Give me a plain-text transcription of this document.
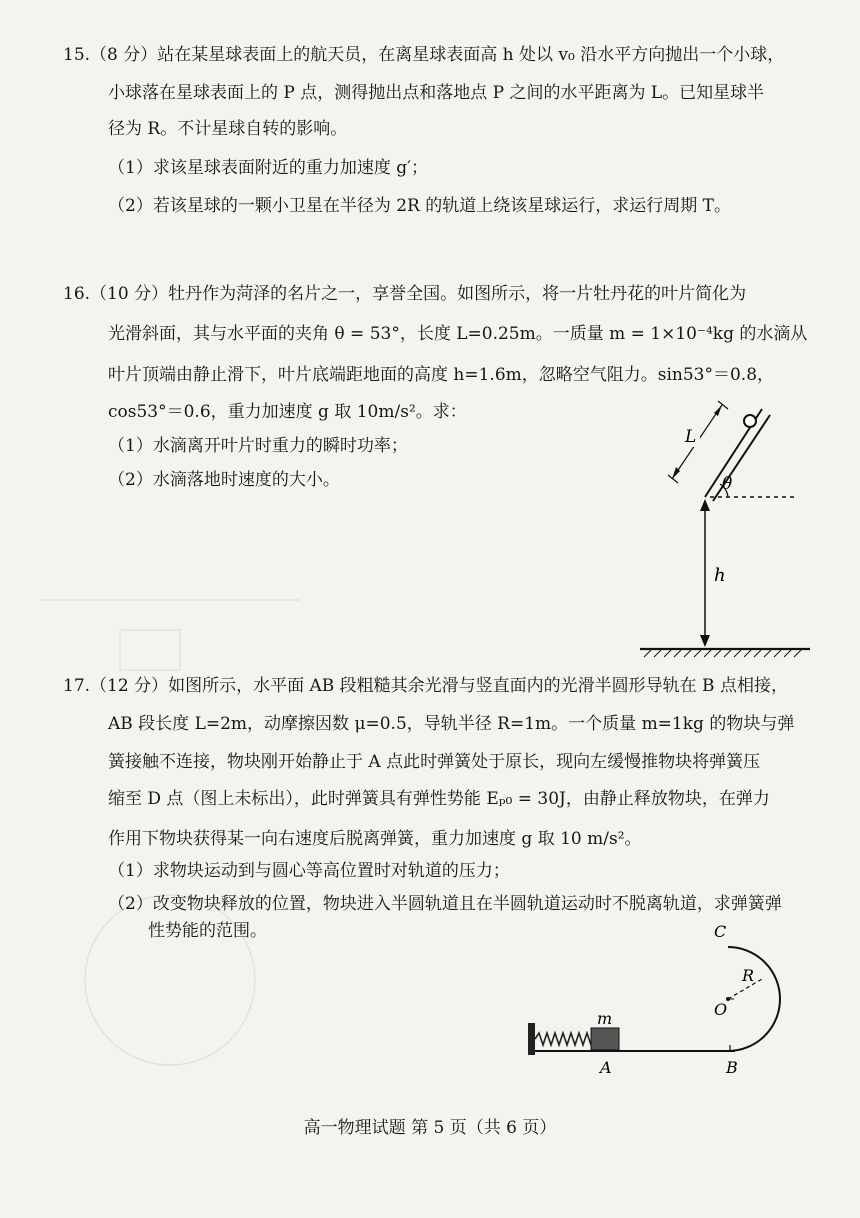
15.（8 分）站在某星球表面上的航天员，在离星球表面高 h 处以 v₀ 沿水平方向抛出一个小球，
小球落在星球表面上的 P 点，测得抛出点和落地点 P 之间的水平距离为 L。已知星球半
径为 R。不计星球自转的影响。
（1）求该星球表面附近的重力加速度 g′；
（2）若该星球的一颗小卫星在半径为 2R 的轨道上绕该星球运行，求运行周期 T。
16.（10 分）牡丹作为菏泽的名片之一，享誉全国。如图所示，将一片牡丹花的叶片简化为
光滑斜面，其与水平面的夹角 θ = 53°，长度 L=0.25m。一质量 m = 1×10⁻⁴kg 的水滴从
叶片顶端由静止滑下，叶片底端距地面的高度 h=1.6m，忽略空气阻力。sin53°＝0.8，
cos53°＝0.6，重力加速度 g 取 10m/s²。求：
（1）水滴离开叶片时重力的瞬时功率；
（2）水滴落地时速度的大小。
L
θ
h
17.（12 分）如图所示，水平面 AB 段粗糙其余光滑与竖直面内的光滑半圆形导轨在 B 点相接，
AB 段长度 L=2m，动摩擦因数 μ=0.5，导轨半径 R=1m。一个质量 m=1kg 的物块与弹
簧接触不连接，物块刚开始静止于 A 点此时弹簧处于原长，现向左缓慢推物块将弹簧压
缩至 D 点（图上未标出），此时弹簧具有弹性势能 Eₚ₀ = 30J，由静止释放物块，在弹力
作用下物块获得某一向右速度后脱离弹簧，重力加速度 g 取 10 m/s²。
（1）求物块运动到与圆心等高位置时对轨道的压力；
（2）改变物块释放的位置，物块进入半圆轨道且在半圆轨道运动时不脱离轨道，求弹簧弹
性势能的范围。
m
A	B
O
R
C
高一物理试题 第 5 页（共 6 页）
